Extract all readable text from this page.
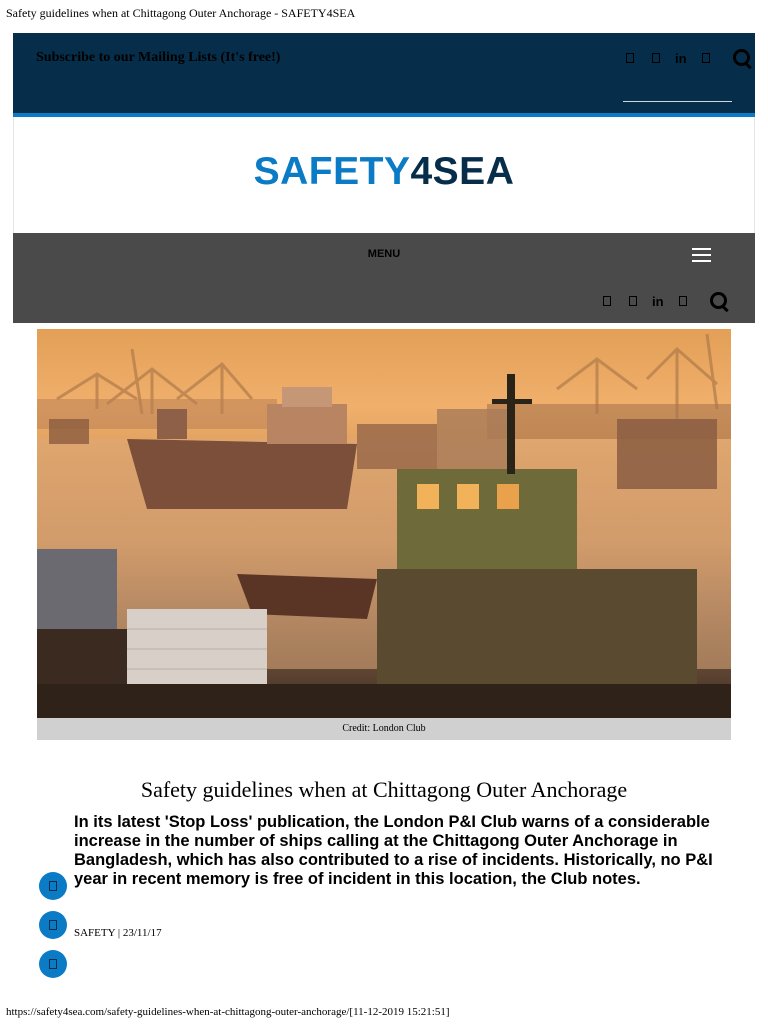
Safety guidelines when at Chittagong Outer Anchorage - SAFETY4SEA
Subscribe to our Mailing Lists (It's free!)	in
SAFETY4SEA
MENU
in
Credit: London Club
Safety guidelines when at Chittagong Outer Anchorage

In its latest 'Stop Loss' publication, the London P&I Club warns of a considerable increase in the number of ships calling at the Chittagong Outer Anchorage in Bangladesh, which has also contributed to a rise of incidents. Historically, no P&I year in recent memory is free of incident in this location, the Club notes.

SAFETY | 23/11/17
https://safety4sea.com/safety-guidelines-when-at-chittagong-outer-anchorage/[11-12-2019 15:21:51]
